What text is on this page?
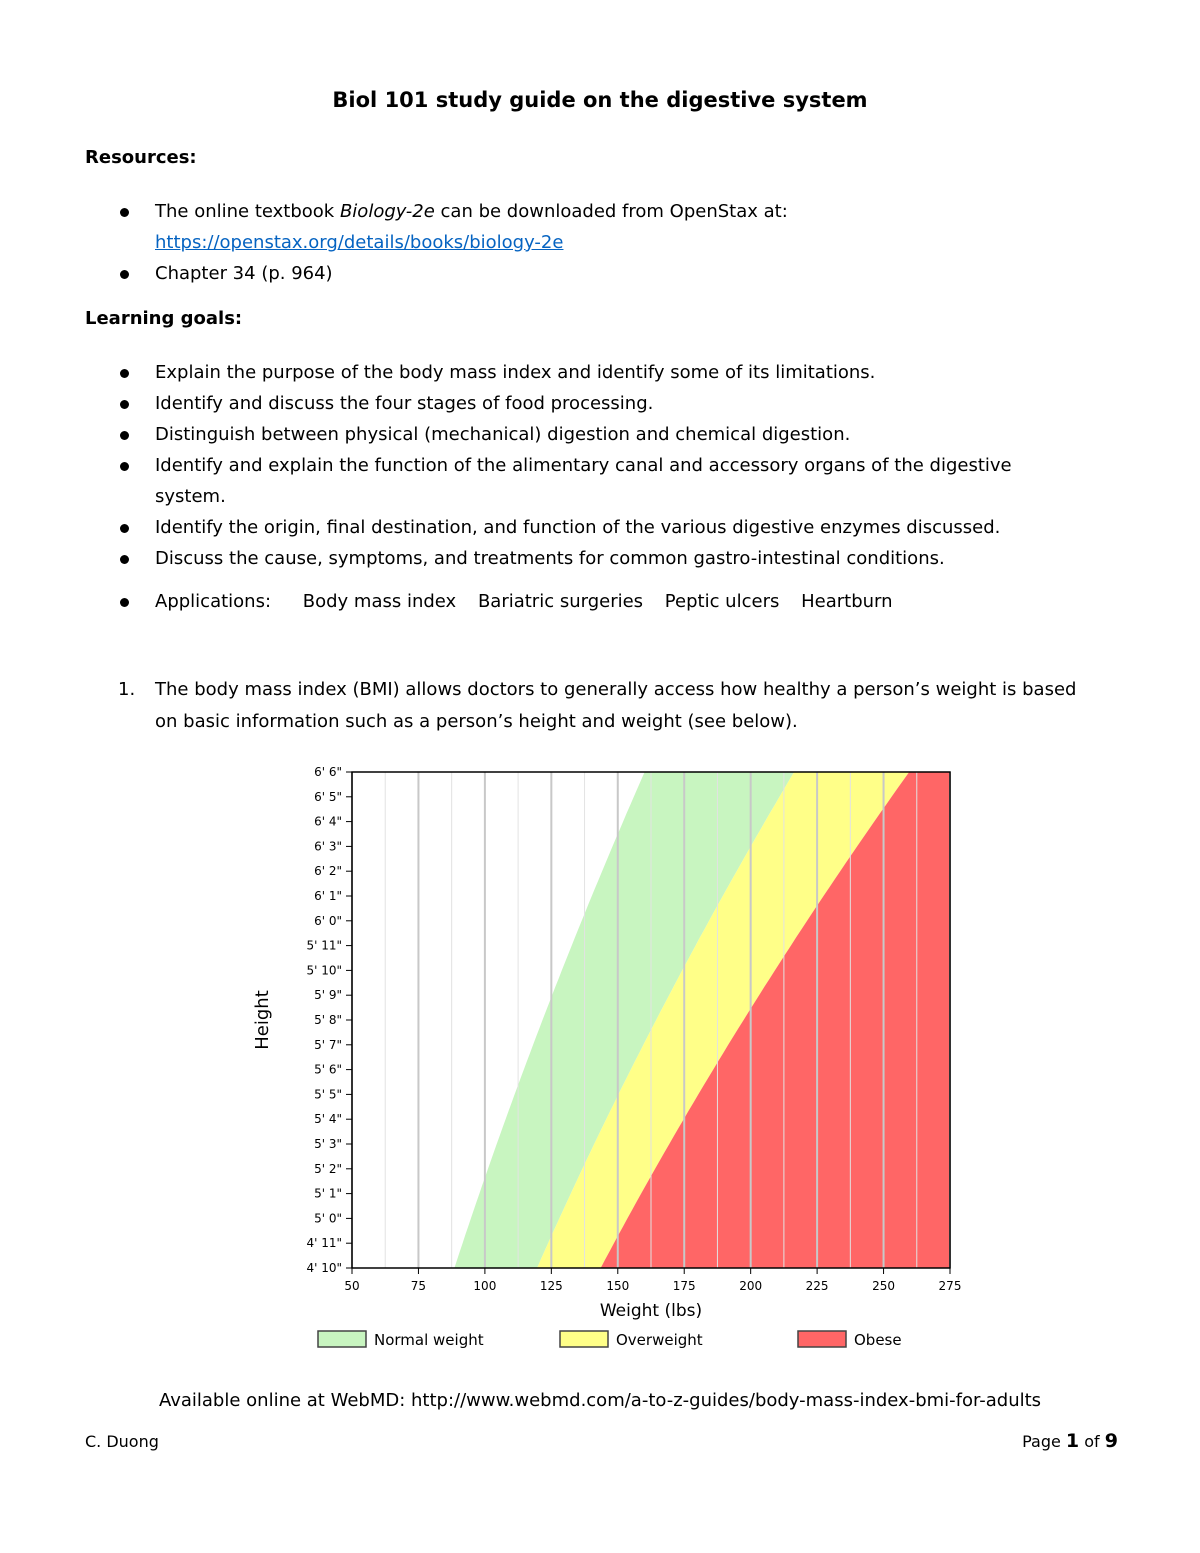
Biol 101 study guide on the digestive system
Resources:
The online textbook Biology-2e can be downloaded from OpenStax at:
https://openstax.org/details/books/biology-2e
Chapter 34 (p. 964)
Learning goals:
Explain the purpose of the body mass index and identify some of its limitations.
Identify and discuss the four stages of food processing.
Distinguish between physical (mechanical) digestion and chemical digestion.
Identify and explain the function of the alimentary canal and accessory organs of the digestive system.
Identify the origin, final destination, and function of the various digestive enzymes discussed.
Discuss the cause, symptoms, and treatments for common gastro-intestinal conditions.
Applications: Body mass index Bariatric surgeries Peptic ulcers Heartburn
1. The body mass index (BMI) allows doctors to generally access how healthy a person’s weight is based on basic information such as a person’s height and weight (see below).
4' 10"
4' 11"
5' 0"
5' 1"
5' 2"
5' 3"
5' 4"
5' 5"
5' 6"
5' 7"
5' 8"
5' 9"
5' 10"
5' 11"
6' 0"
6' 1"
6' 2"
6' 3"
6' 4"
6' 5"
6' 6"
50	75	100	125	150	175	200	225	250	275
Height
Weight (lbs)
Normal weight	Overweight	Obese
Available online at WebMD: http://www.webmd.com/a-to-z-guides/body-mass-index-bmi-for-adults
C. Duong	Page 1 of 9
